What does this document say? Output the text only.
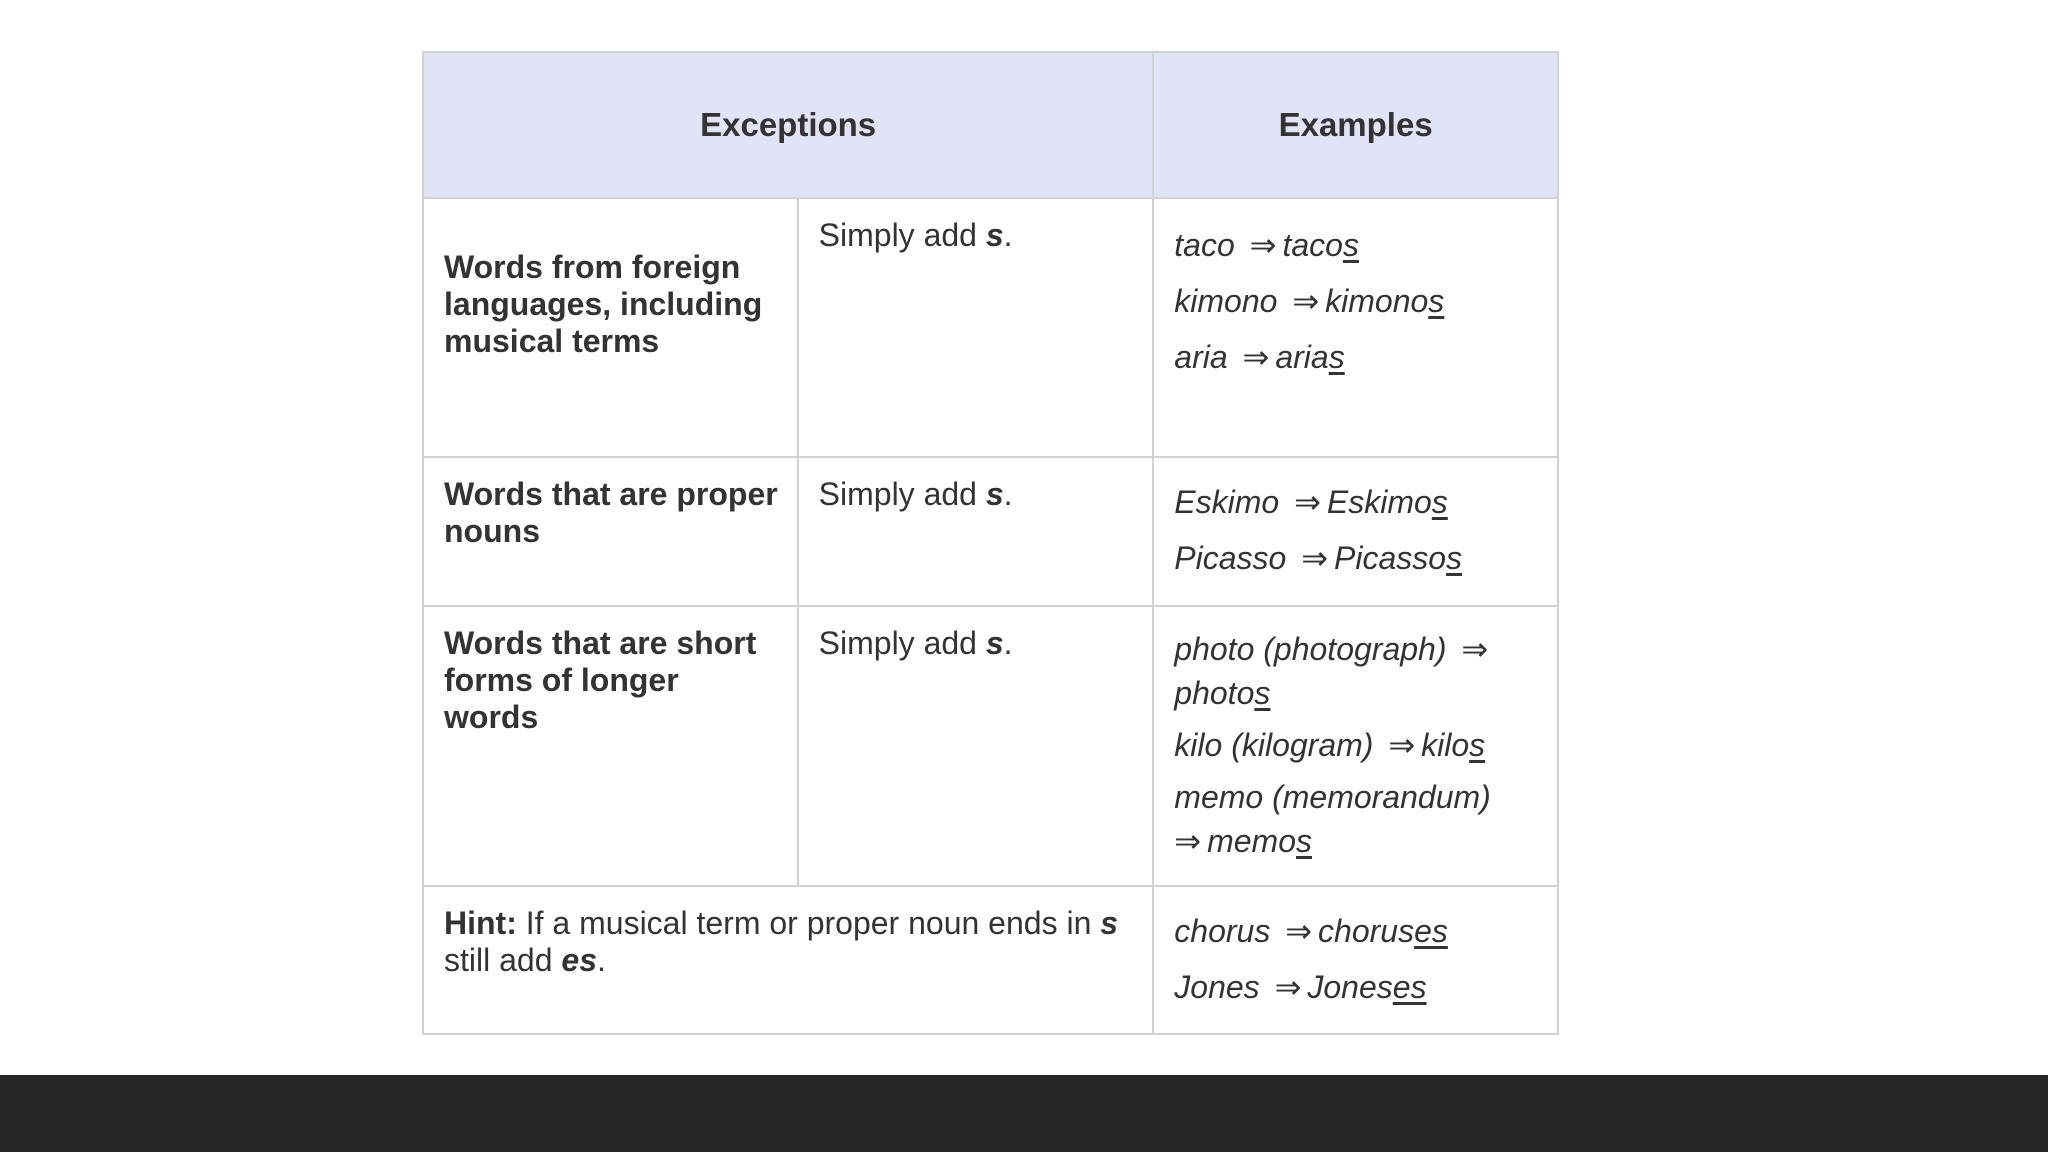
Exceptions		Examples

Words from foreign languages, including musical terms	Simply add s.	taco ⇒ tacos
kimono ⇒ kimonos
aria ⇒ arias

Words that are proper nouns	Simply add s.	Eskimo ⇒ Eskimos
Picasso ⇒ Picassos

Words that are short forms of longer words	Simply add s.	photo (photograph) ⇒
photos
kilo (kilogram) ⇒ kilos
memo (memorandum)
⇒ memos

Hint: If a musical term or proper noun ends in s still add es.		chorus ⇒ choruses
Jones ⇒ Joneses
